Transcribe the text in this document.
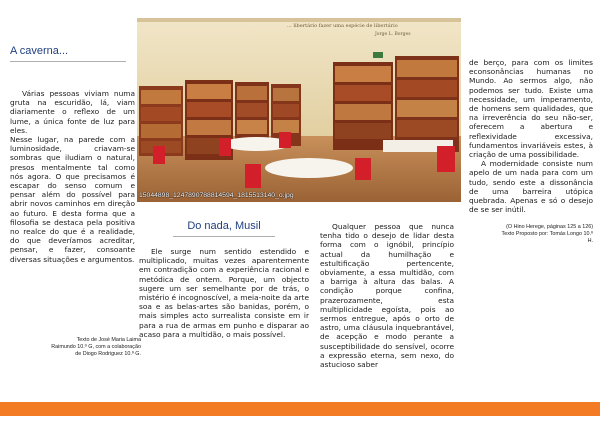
A caverna...

Várias pessoas viviam numa gruta na escuridão, lá, viam diariamente o reflexo de um lume, a única fonte de luz para eles.

Nesse lugar, na parede com a luminosidade, criavam-se sombras que iludiam o natural, presos mentalmente tal como nós agora. O que precisamos é escapar do senso comum e pensar além do possível para abrir novos caminhos em direção ao futuro. E desta forma que a filosofia se destaca pela positiva no realce do que é a realidade, do que deveríamos acreditar, pensar, e fazer, consoante diversas situações e argumentos.

Texto de José Maria Laima
Raimundo 10.º G, com a colaboração
de Diogo Rodriguez 10.º G.
... libertário fazer uma espécie de libertário
Jorge L. Borges
15044898_1247890788814594_1815513140_o.jpg
Do nada, Musil

Ele surge num sentido estendido e multiplicado, muitas vezes aparentemente em contradição com a experiência racional e metódica de ontem. Porque, um objecto sugere um ser semelhante por de trás, o mistério é incognoscível, a meia-noite da arte soa e as belas-artes são banidas, porém, o mais simples acto surrealista consiste em ir para a rua de armas em punho e disparar ao acaso para a multidão, o mais possível.

Qualquer pessoa que nunca tenha tido o desejo de lidar desta forma com o ignóbil, princípio actual da humilhação e estultificação pertencente, obviamente, a essa multidão, com a barriga à altura das balas. A condição porque confina, prazerozamente, esta multiplicidade egoísta, pois ao sermos entregue, após o orto de astro, uma cláusula inquebrantável, de acepção e modo perante a susceptibilidade do sensível, ocorre a expressão eterna, sem nexo, do astucioso saber

de berço, para com os limites econsonâncias humanas no Mundo. Ao sermos algo, não podemos ser tudo. Existe uma necessidade, um imperamento, de homens sem qualidades, que na irreverência do seu não-ser, oferecem a abertura e reflexividade excessiva, fundamentos invariáveis estes, à criação de uma possibilidade.

A modernidade consiste num apelo de um nada para com um tudo, sendo este a dissonância de uma barreira utópica quebrada. Apenas e só o desejo de se ser inútil.

(O Hino Herege, páginas 125 a 126)
Texto Proposto por: Tomás Longo 10.º
H.
